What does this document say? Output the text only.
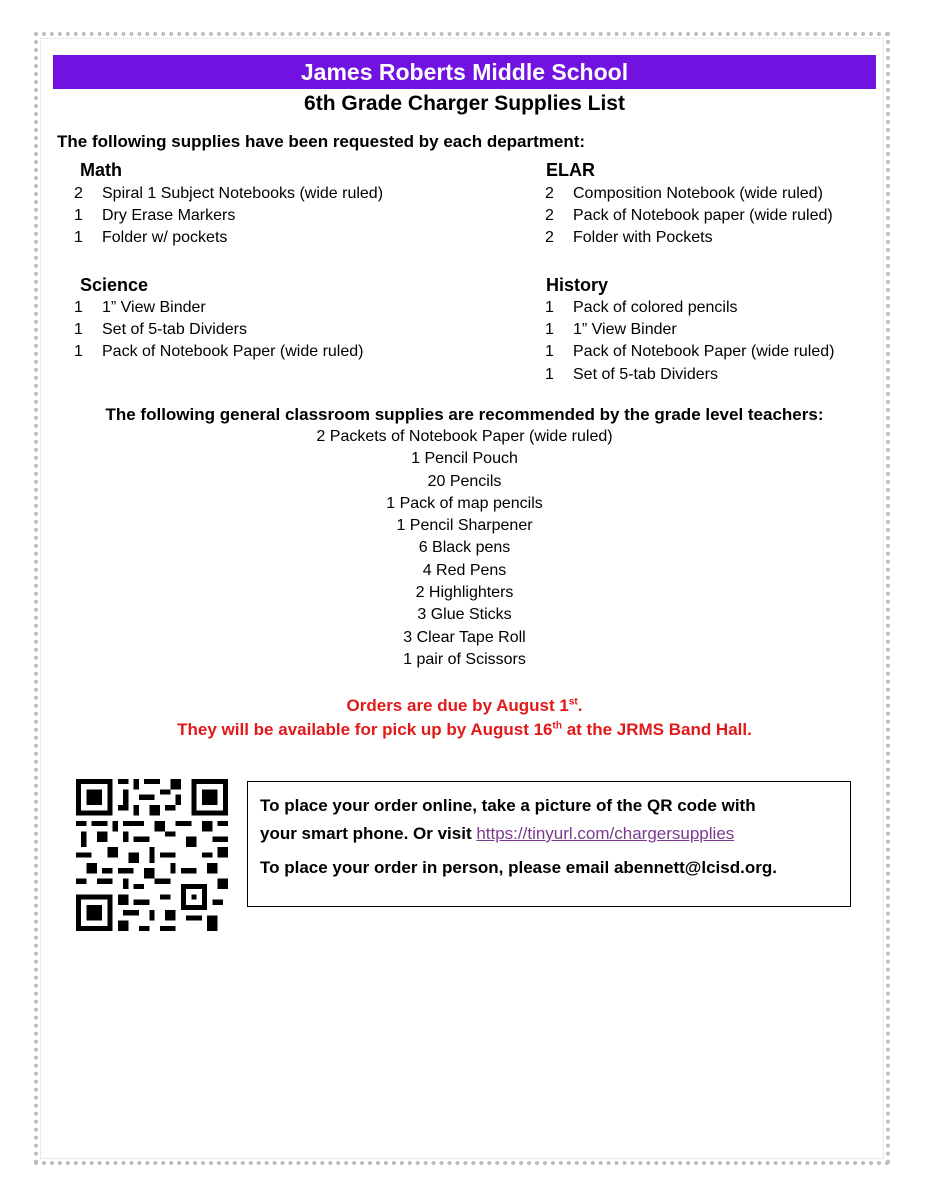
James Roberts Middle School
6th Grade Charger Supplies List
The following supplies have been requested by each department:
Math
2 Spiral 1 Subject Notebooks (wide ruled)
1 Dry Erase Markers
1 Folder w/ pockets
ELAR
2 Composition Notebook (wide ruled)
2 Pack of Notebook paper (wide ruled)
2 Folder with Pockets
Science
1 1” View Binder
1 Set of 5-tab Dividers
1 Pack of Notebook Paper (wide ruled)
History
1 Pack of colored pencils
1 1” View Binder
1 Pack of Notebook Paper (wide ruled)
1 Set of 5-tab Dividers
The following general classroom supplies are recommended by the grade level teachers:
2 Packets of Notebook Paper (wide ruled)
1 Pencil Pouch
20 Pencils
1 Pack of map pencils
1 Pencil Sharpener
6 Black pens
4 Red Pens
2 Highlighters
3 Glue Sticks
3 Clear Tape Roll
1 pair of Scissors
Orders are due by August 1st.
They will be available for pick up by August 16th at the JRMS Band Hall.

To place your order online, take a picture of the QR code with

your smart phone. Or visit https://tinyurl.com/chargersupplies

To place your order in person, please email abennett@lcisd.org.
